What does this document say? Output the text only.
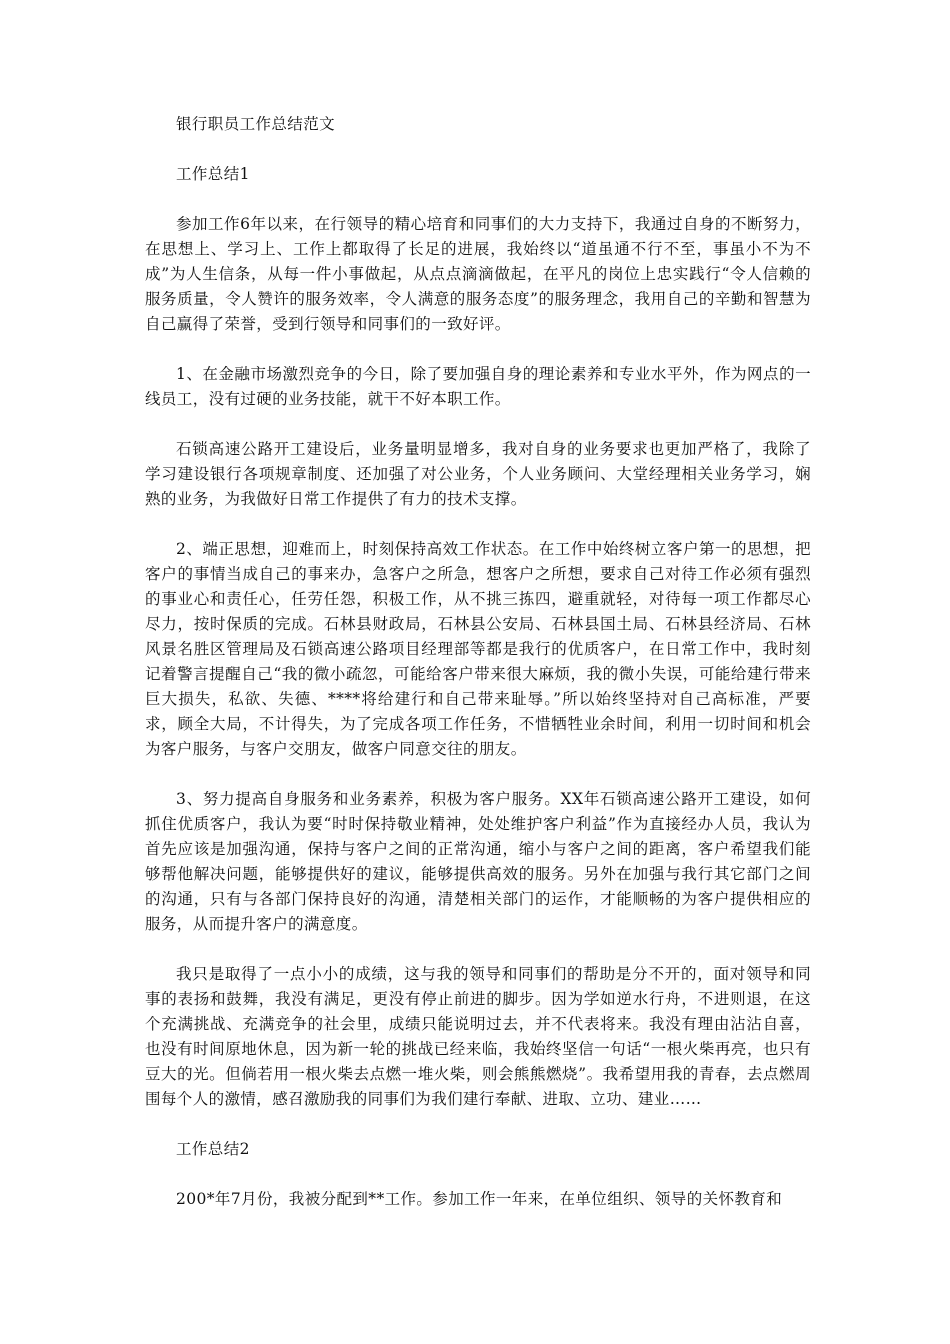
银行职员工作总结范文

工作总结1

参加工作6年以来，在行领导的精心培育和同事们的大力支持下，我通过自身的不断努力，在思想上、学习上、工作上都取得了长足的进展，我始终以“道虽通不行不至，事虽小不为不成”为人生信条，从每一件小事做起，从点点滴滴做起，在平凡的岗位上忠实践行“令人信赖的服务质量，令人赞许的服务效率，令人满意的服务态度”的服务理念，我用自己的辛勤和智慧为自己赢得了荣誉，受到行领导和同事们的一致好评。

1、在金融市场激烈竞争的今日，除了要加强自身的理论素养和专业水平外，作为网点的一线员工，没有过硬的业务技能，就干不好本职工作。

石锁高速公路开工建设后，业务量明显增多，我对自身的业务要求也更加严格了，我除了学习建设银行各项规章制度、还加强了对公业务，个人业务顾问、大堂经理相关业务学习，娴熟的业务，为我做好日常工作提供了有力的技术支撑。

2、端正思想，迎难而上，时刻保持高效工作状态。在工作中始终树立客户第一的思想，把客户的事情当成自己的事来办，急客户之所急，想客户之所想，要求自己对待工作必须有强烈的事业心和责任心，任劳任怨，积极工作，从不挑三拣四，避重就轻，对待每一项工作都尽心尽力，按时保质的完成。石林县财政局，石林县公安局、石林县国土局、石林县经济局、石林风景名胜区管理局及石锁高速公路项目经理部等都是我行的优质客户，在日常工作中，我时刻记着警言提醒自己“我的微小疏忽，可能给客户带来很大麻烦，我的微小失误，可能给建行带来巨大损失，私欲、失德、****将给建行和自己带来耻辱。”所以始终坚持对自己高标准，严要求，顾全大局，不计得失，为了完成各项工作任务，不惜牺牲业余时间，利用一切时间和机会为客户服务，与客户交朋友，做客户同意交往的朋友。

3、努力提高自身服务和业务素养，积极为客户服务。XX年石锁高速公路开工建设，如何抓住优质客户，我认为要“时时保持敬业精神，处处维护客户利益”作为直接经办人员，我认为首先应该是加强沟通，保持与客户之间的正常沟通，缩小与客户之间的距离，客户希望我们能够帮他解决问题，能够提供好的建议，能够提供高效的服务。另外在加强与我行其它部门之间的沟通，只有与各部门保持良好的沟通，清楚相关部门的运作，才能顺畅的为客户提供相应的服务，从而提升客户的满意度。

我只是取得了一点小小的成绩，这与我的领导和同事们的帮助是分不开的，面对领导和同事的表扬和鼓舞，我没有满足，更没有停止前进的脚步。因为学如逆水行舟，不进则退，在这个充满挑战、充满竞争的社会里，成绩只能说明过去，并不代表将来。我没有理由沾沾自喜，也没有时间原地休息，因为新一轮的挑战已经来临，我始终坚信一句话“一根火柴再亮，也只有豆大的光。但倘若用一根火柴去点燃一堆火柴，则会熊熊燃烧”。我希望用我的青春，去点燃周围每个人的激情，感召激励我的同事们为我们建行奉献、进取、立功、建业……

工作总结2

200*年7月份，我被分配到**工作。参加工作一年来，在单位组织、领导的关怀教育和
